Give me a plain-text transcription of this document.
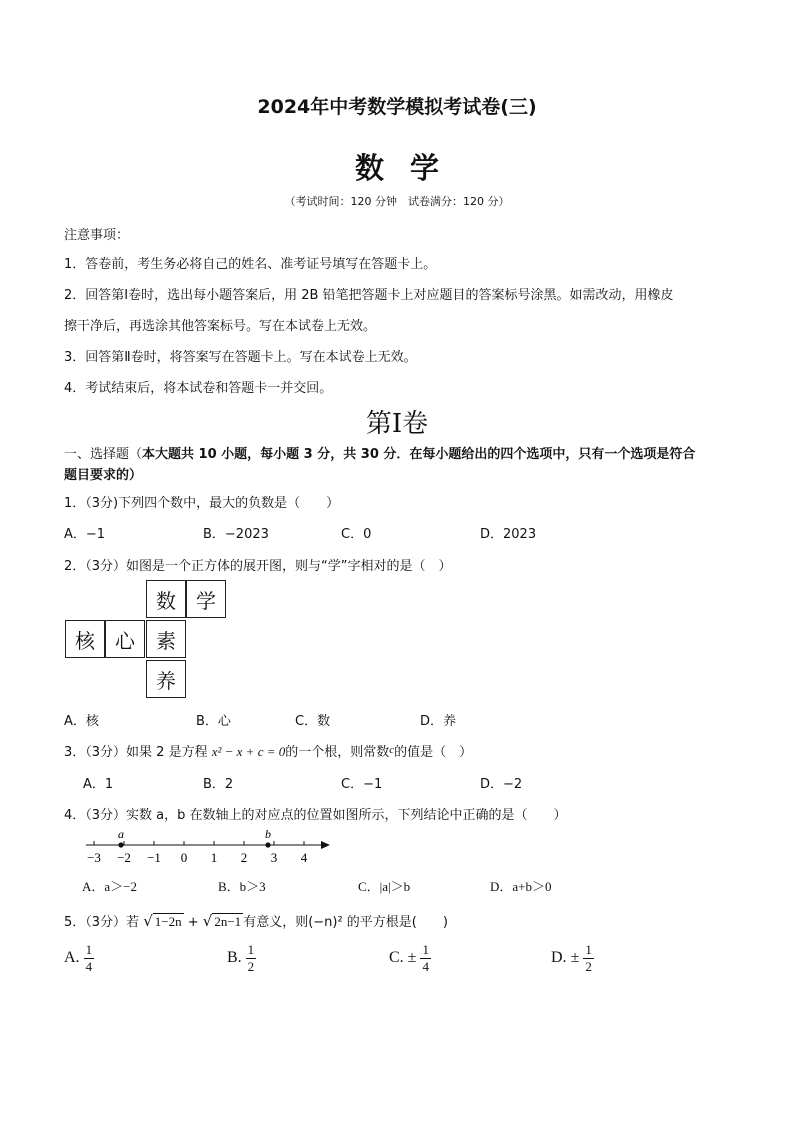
2024年中考数学模拟考试卷(三)
数学
（考试时间：120 分钟　试卷满分：120 分）
注意事项：
1．答卷前，考生务必将自己的姓名、准考证号填写在答题卡上。
2．回答第Ⅰ卷时，选出每小题答案后，用 2B 铅笔把答题卡上对应题目的答案标号涂黑。如需改动，用橡皮
擦干净后，再选涂其他答案标号。写在本试卷上无效。
3．回答第Ⅱ卷时，将答案写在答题卡上。写在本试卷上无效。
4．考试结束后，将本试卷和答题卡一并交回。
第Ⅰ卷
一、选择题（本大题共 10 小题，每小题 3 分，共 30 分．在每小题给出的四个选项中，只有一个选项是符合
题目要求的）
1．（3分)下列四个数中，最大的负数是（　　）
A．−1	B．−2023	C．0	D．2023
2．（3分）如图是一个正方体的展开图，则与“学”字相对的是（　）
数	学
核	心	素
养
A．核	B．心	C．数	D．养
3．（3分）如果 2 是方程 x² − x + c = 0的一个根，则常数$^c$的值是（　）
A．1	B．2	C．−1	D．−2
4．（3分）实数 a，b 在数轴上的对应点的位置如图所示，下列结论中正确的是（　　）
−3 −2 −1 0 1 2 3 4
a	b
A．a＞−2	B．b＞3	C．|a|＞b	D．a+b＞0
5．（3分）若 √ 1−2n + √ 2n−1 有意义，则(−n)² 的平方根是(　　)
A. $\frac{1}{4}$	B. $\frac{1}{2}$	C. ± $\frac{1}{4}$	D. ± $\frac{1}{2}$
